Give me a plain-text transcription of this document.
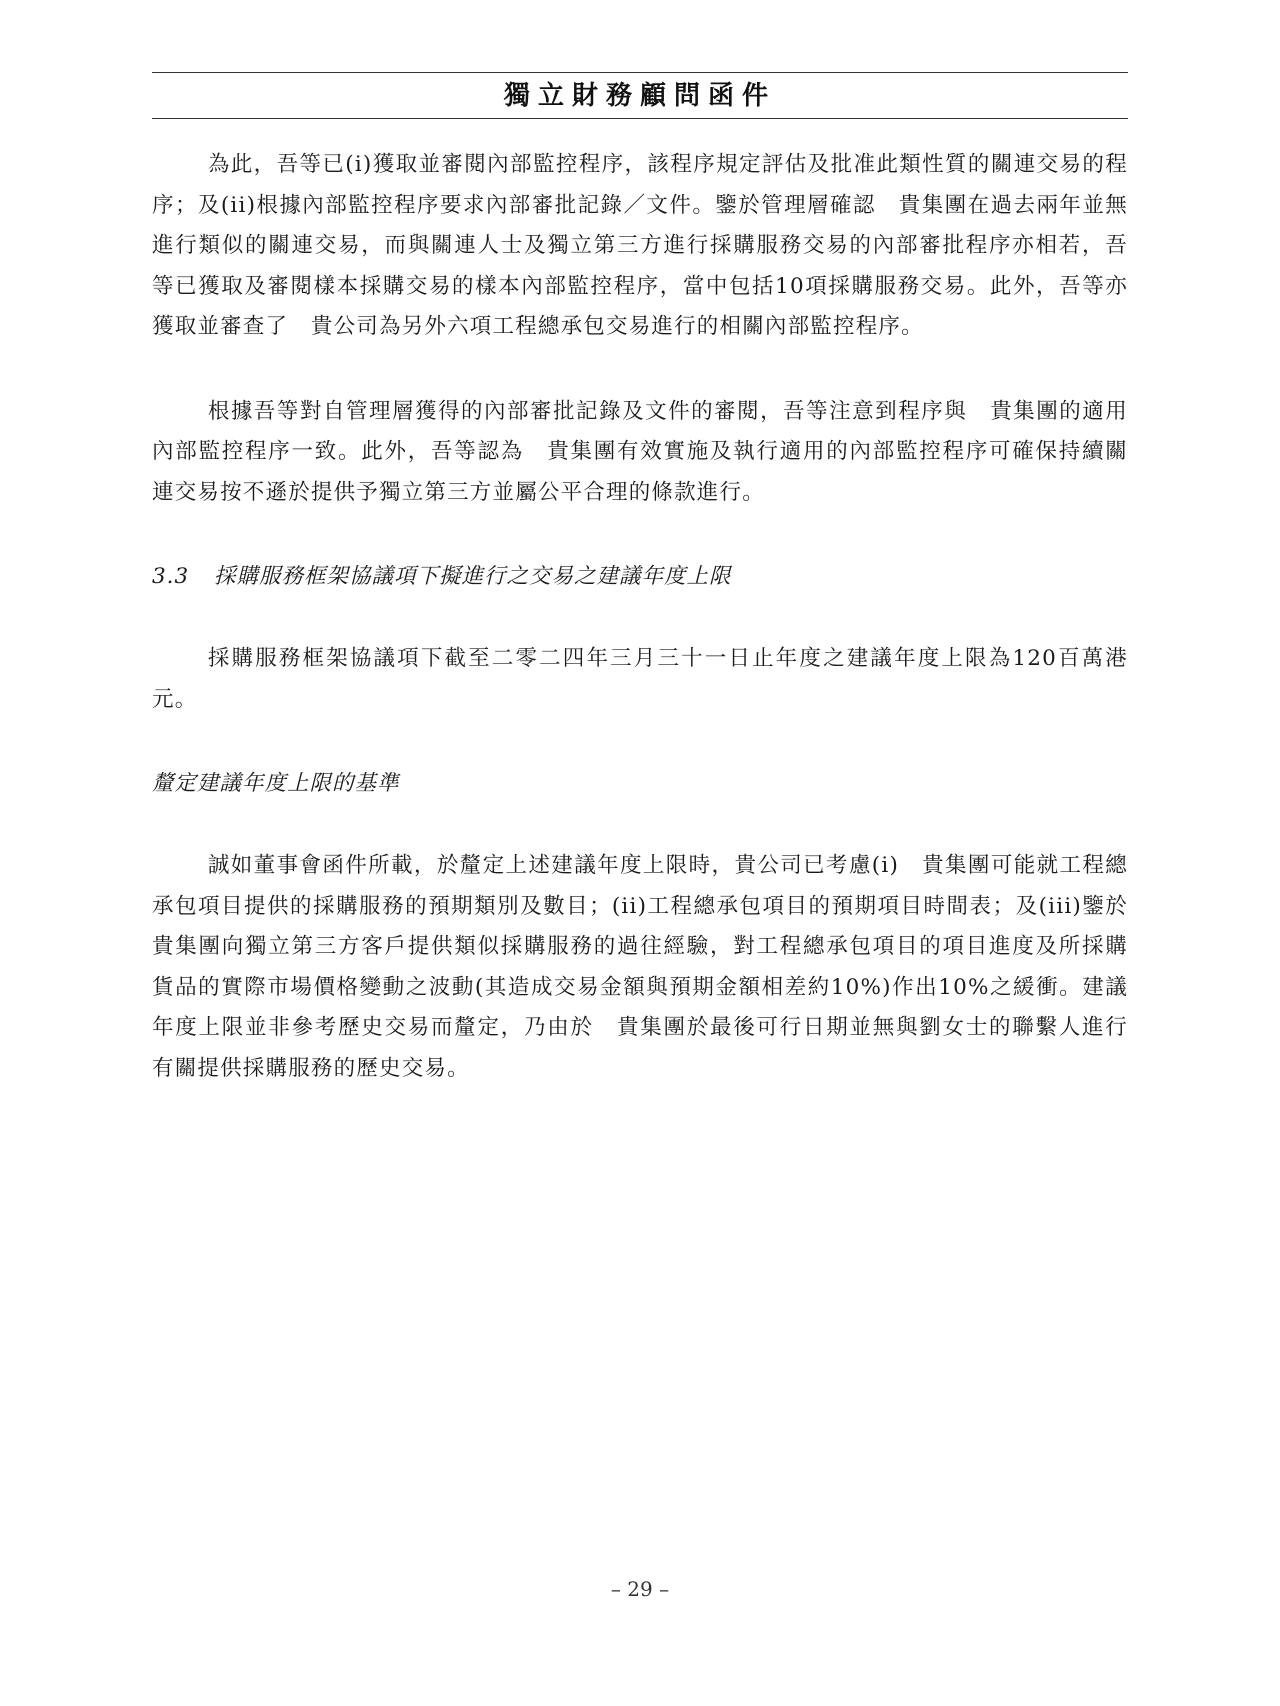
獨立財務顧問函件

為此，吾等已(i)獲取並審閱內部監控程序，該程序規定評估及批准此類性質的關連交易的程序；及(ii)根據內部監控程序要求內部審批記錄／文件。鑒於管理層確認　貴集團在過去兩年並無進行類似的關連交易，而與關連人士及獨立第三方進行採購服務交易的內部審批程序亦相若，吾等已獲取及審閱樣本採購交易的樣本內部監控程序，當中包括10項採購服務交易。此外，吾等亦獲取並審查了　貴公司為另外六項工程總承包交易進行的相關內部監控程序。

根據吾等對自管理層獲得的內部審批記錄及文件的審閱，吾等注意到程序與　貴集團的適用內部監控程序一致。此外，吾等認為　貴集團有效實施及執行適用的內部監控程序可確保持續關連交易按不遜於提供予獨立第三方並屬公平合理的條款進行。

3.3 採購服務框架協議項下擬進行之交易之建議年度上限

採購服務框架協議項下截至二零二四年三月三十一日止年度之建議年度上限為120百萬港元。

釐定建議年度上限的基準

誠如董事會函件所載，於釐定上述建議年度上限時，貴公司已考慮(i)　貴集團可能就工程總承包項目提供的採購服務的預期類別及數目；(ii)工程總承包項目的預期項目時間表；及(iii)鑒於　貴集團向獨立第三方客戶提供類似採購服務的過往經驗，對工程總承包項目的項目進度及所採購貨品的實際市場價格變動之波動(其造成交易金額與預期金額相差約10%)作出10%之緩衝。建議年度上限並非參考歷史交易而釐定，乃由於　貴集團於最後可行日期並無與劉女士的聯繫人進行有關提供採購服務的歷史交易。

– 29 –
